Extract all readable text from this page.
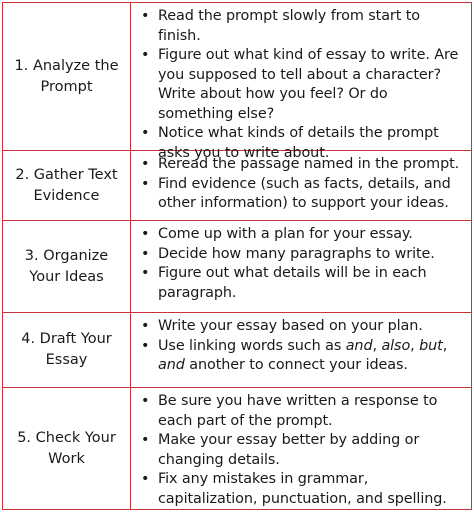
1. Analyze the
Prompt
• Read the prompt slowly from start to finish.
• Figure out what kind of essay to write. Are you supposed to tell about a character? Write about how you feel? Or do something else?
• Notice what kinds of details the prompt asks you to write about.
2. Gather Text
Evidence
• Reread the passage named in the prompt.
• Find evidence (such as facts, details, and other information) to support your ideas.
3. Organize
Your Ideas
• Come up with a plan for your essay.
• Decide how many paragraphs to write.
• Figure out what details will be in each paragraph.
4. Draft Your
Essay
• Write your essay based on your plan.
• Use linking words such as and, also, but, and another to connect your ideas.
5. Check Your
Work
• Be sure you have written a response to each part of the prompt.
• Make your essay better by adding or changing details.
• Fix any mistakes in grammar, capitalization, punctuation, and spelling.
